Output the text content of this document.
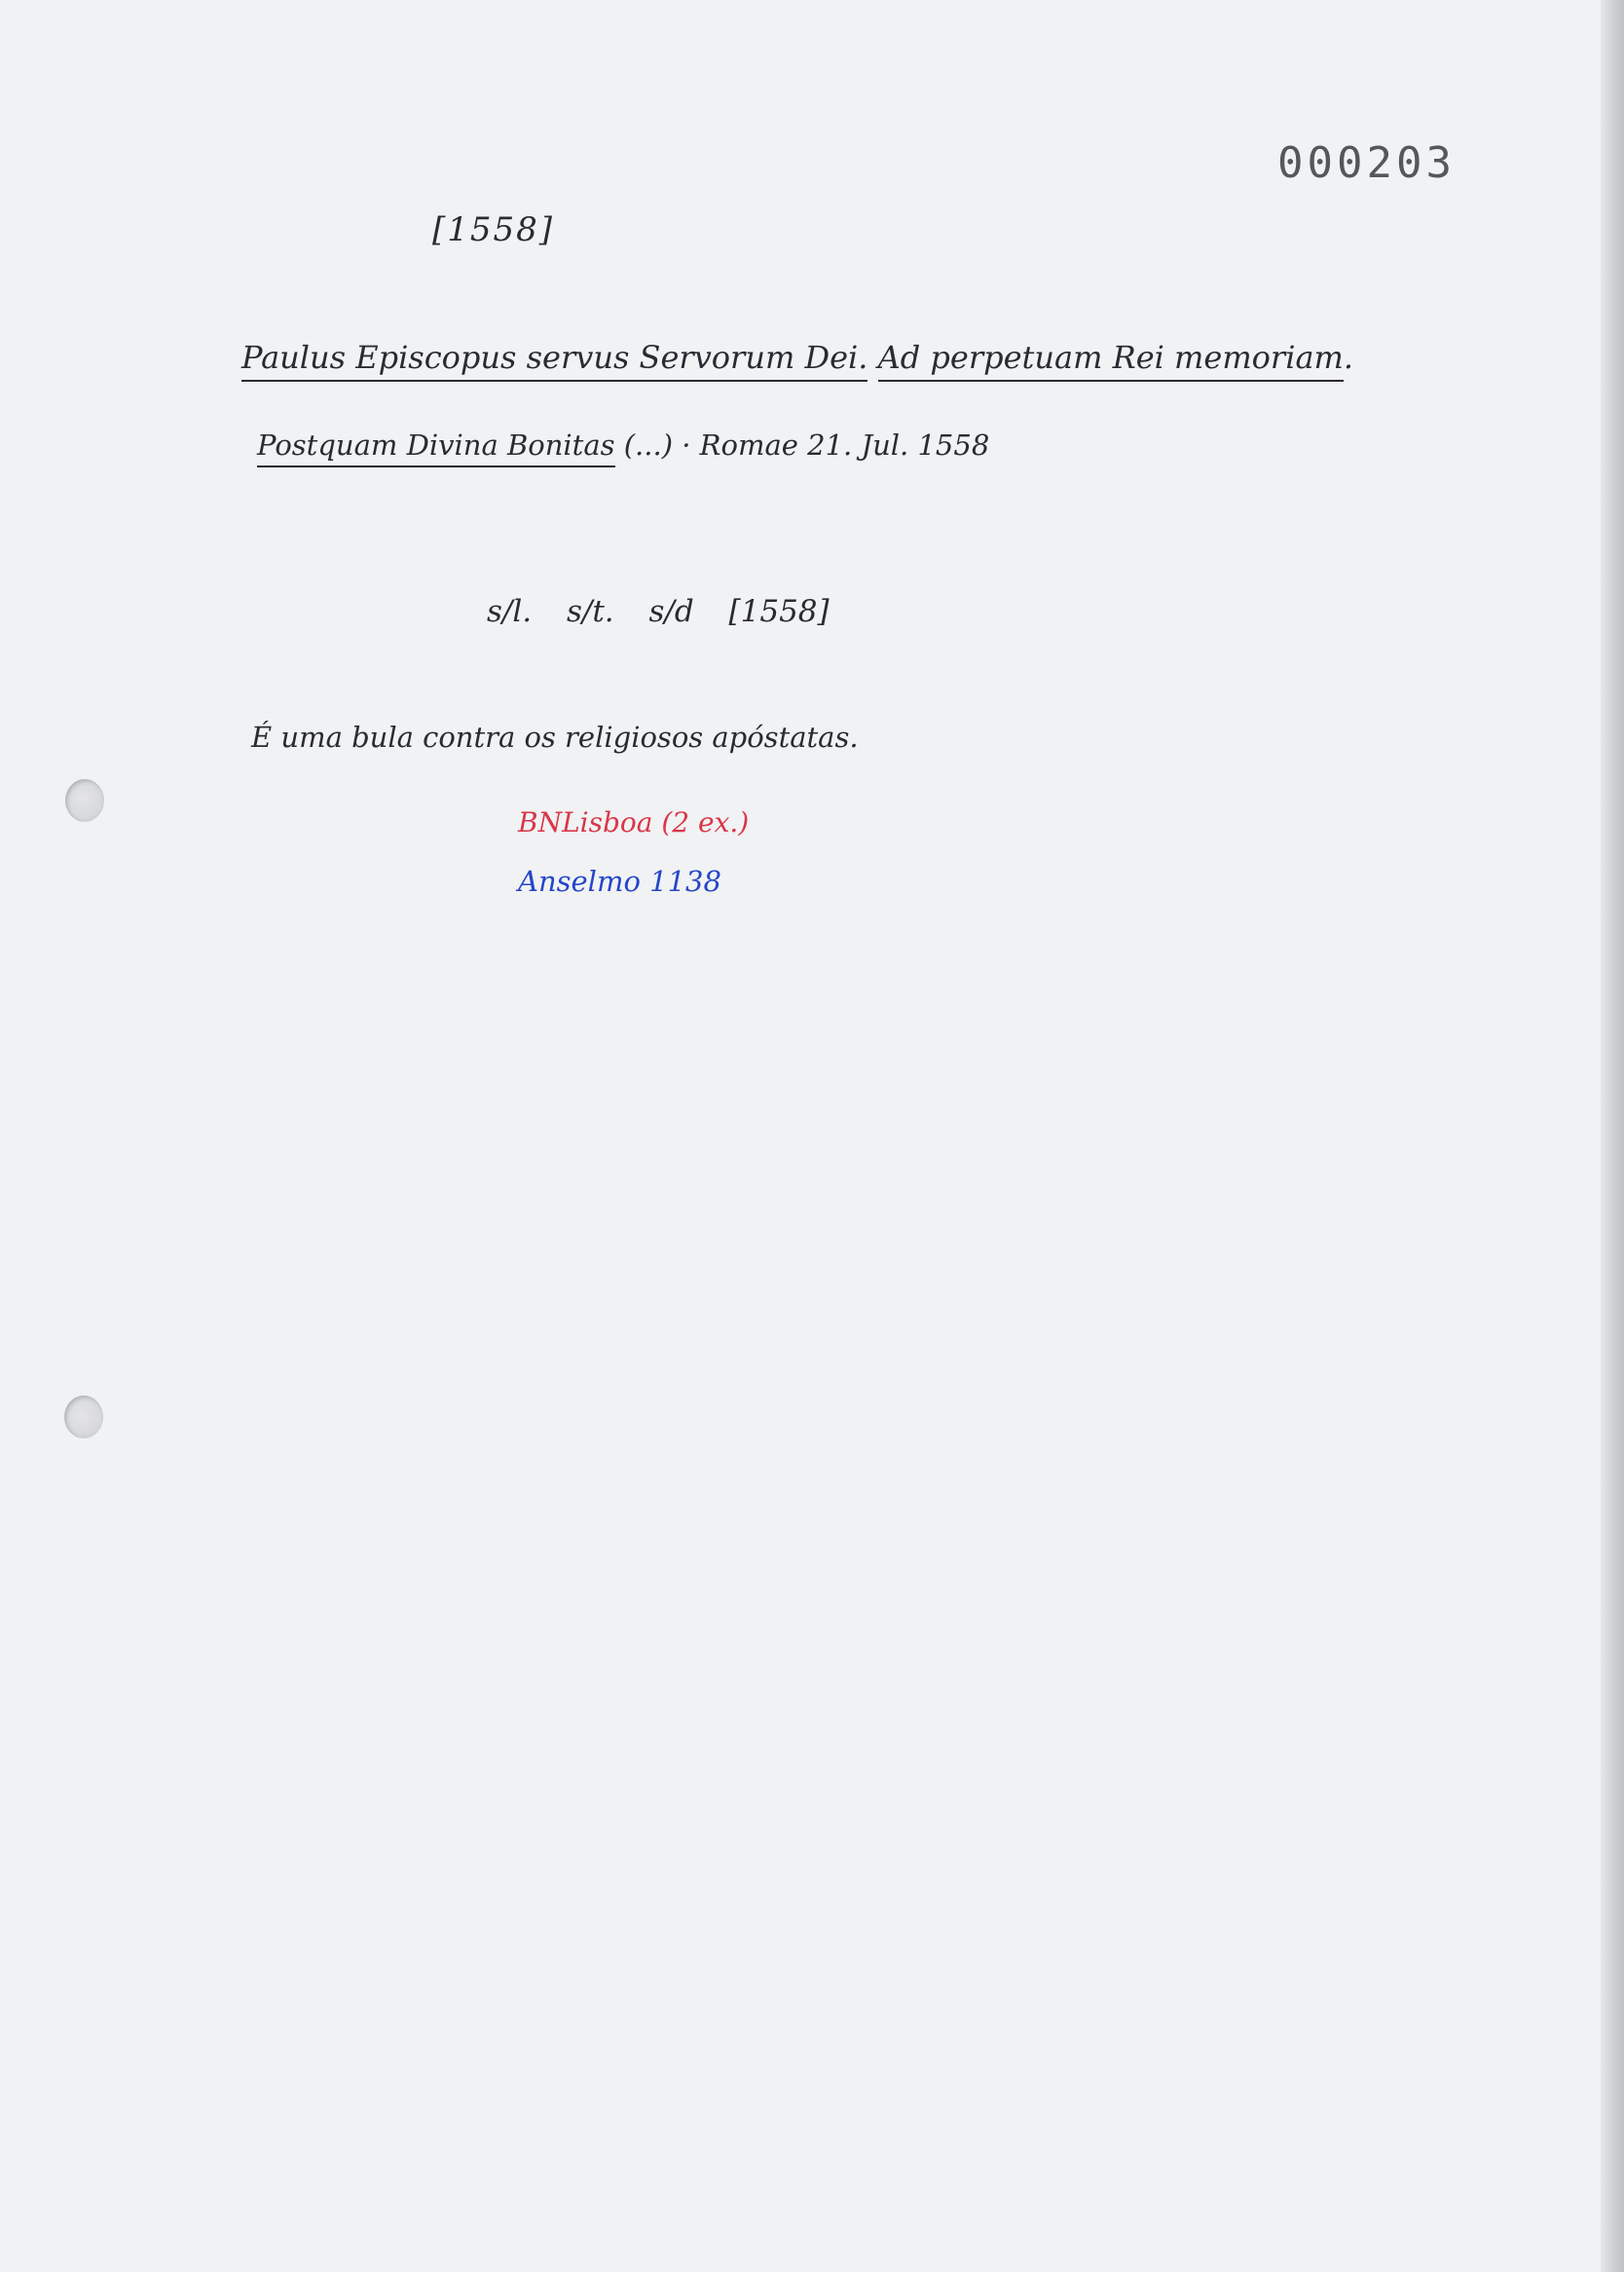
000203
[1558]
Paulus Episcopus servus Servorum Dei. Ad perpetuam Rei memoriam.
Postquam Divina Bonitas (...) · Romae 21. Jul. 1558
s/l. s/t. s/d [1558]
É uma bula contra os religiosos apóstatas.
BNLisboa (2 ex.)
Anselmo 1138
